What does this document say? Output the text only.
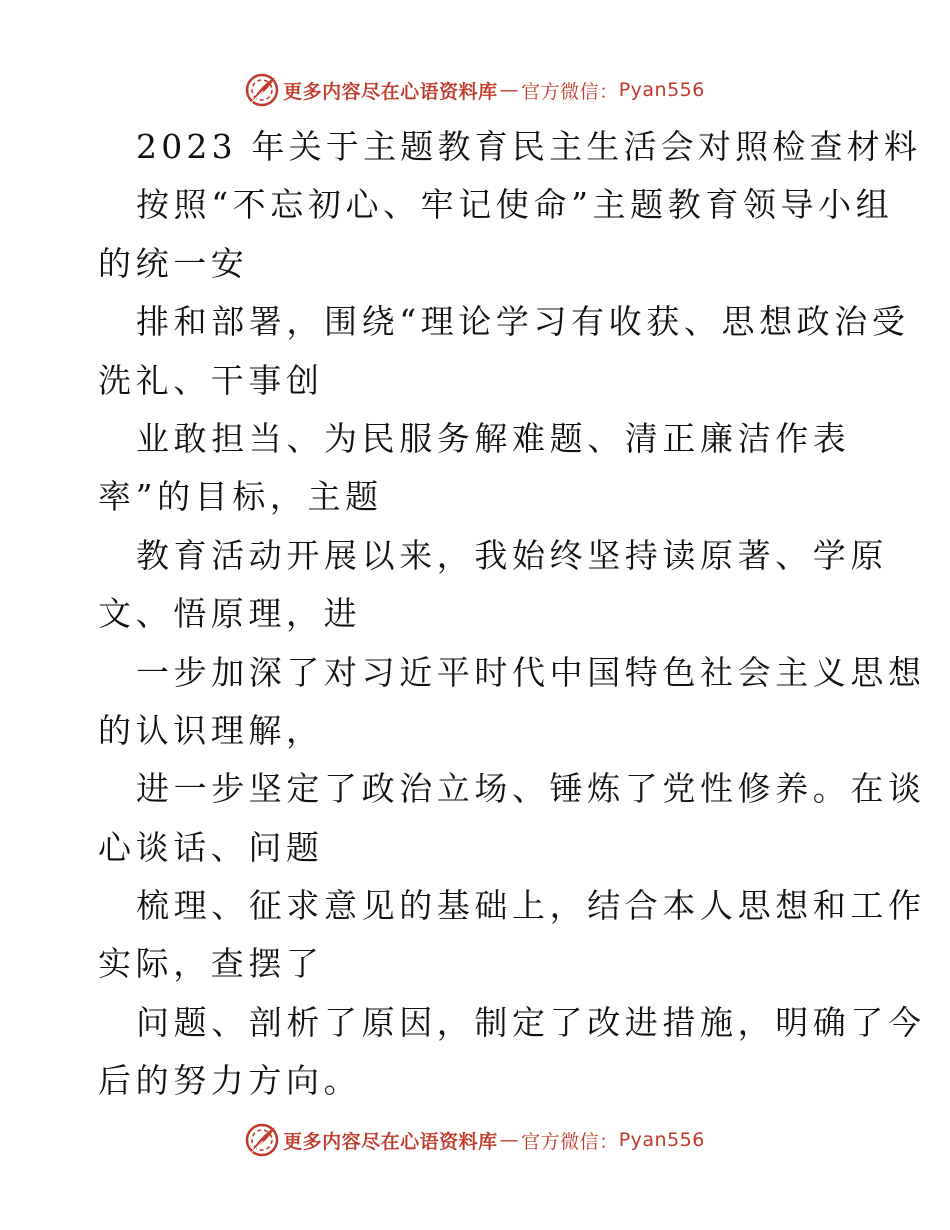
更多内容尽在心语资料库 — 官方微信： Pyan556
2023 年关于主题教育民主生活会对照检查材料
按照“不忘初心、牢记使命”主题教育领导小组
的统一安
排和部署，围绕“理论学习有收获、思想政治受
洗礼、干事创
业敢担当、为民服务解难题、清正廉洁作表
率”的目标，主题
教育活动开展以来，我始终坚持读原著、学原
文、悟原理，进
一步加深了对习近平时代中国特色社会主义思想
的认识理解，
进一步坚定了政治立场、锤炼了党性修养。在谈
心谈话、问题
梳理、征求意见的基础上，结合本人思想和工作
实际，查摆了
问题、剖析了原因，制定了改进措施，明确了今
后的努力方向。
更多内容尽在心语资料库 — 官方微信： Pyan556
